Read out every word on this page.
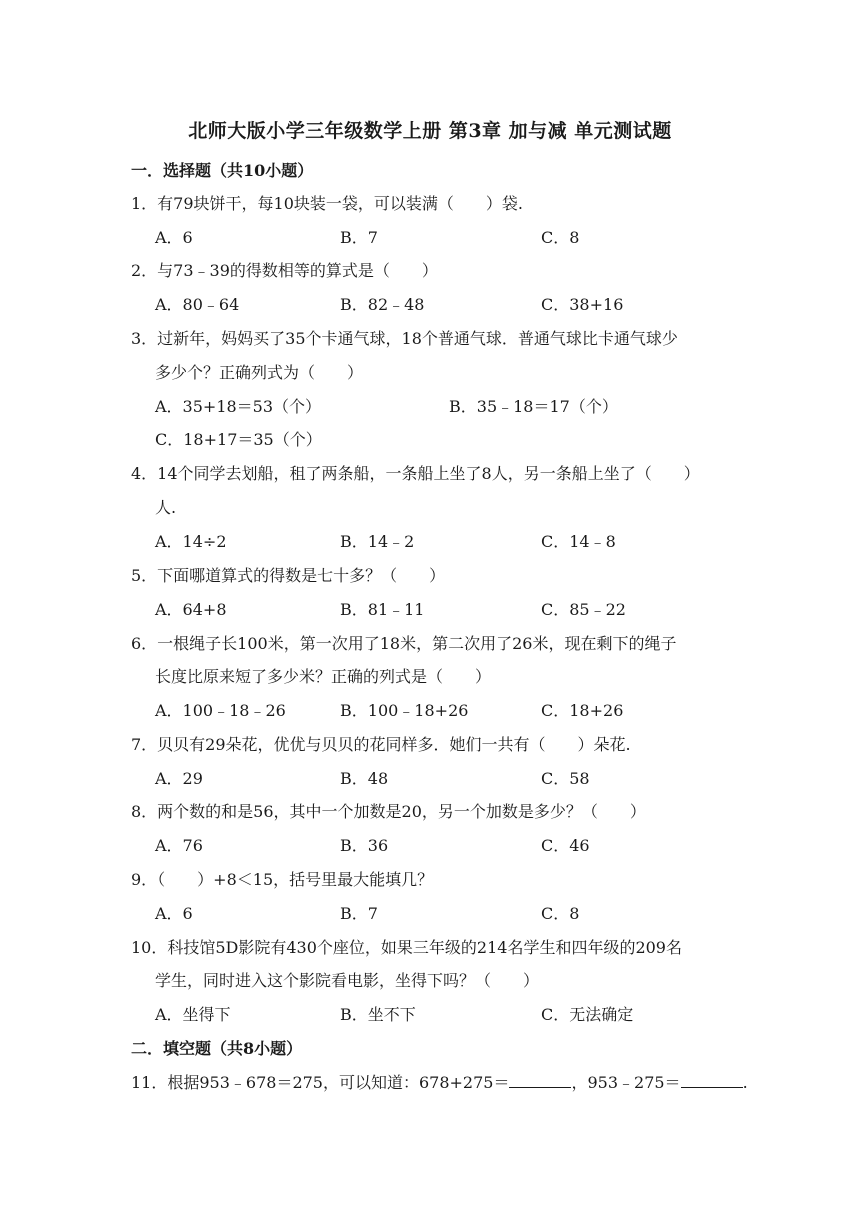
北师大版小学三年级数学上册 第3章 加与减 单元测试题
一．选择题（共10小题）
1．有79块饼干，每10块装一袋，可以装满（　　）袋.
A．6	B．7	C．8
2．与73﹣39的得数相等的算式是（　　）
A．80﹣64	B．82﹣48	C．38+16
3．过新年，妈妈买了35个卡通气球，18个普通气球．普通气球比卡通气球少
多少个？正确列式为（　　）
A．35+18＝53（个）	B．35﹣18＝17（个）
C．18+17＝35（个）
4．14个同学去划船，租了两条船，一条船上坐了8人，另一条船上坐了（　　）
人.
A．14÷2	B．14﹣2	C．14﹣8
5．下面哪道算式的得数是七十多？（　　）
A．64+8	B．81﹣11	C．85﹣22
6．一根绳子长100米，第一次用了18米，第二次用了26米，现在剩下的绳子
长度比原来短了多少米？正确的列式是（　　）
A．100﹣18﹣26	B．100﹣18+26	C．18+26
7．贝贝有29朵花，优优与贝贝的花同样多．她们一共有（　　）朵花.
A．29	B．48	C．58
8．两个数的和是56，其中一个加数是20，另一个加数是多少？（　　）
A．76	B．36	C．46
9．（　　）+8＜15，括号里最大能填几？
A．6	B．7	C．8
10．科技馆5D影院有430个座位，如果三年级的214名学生和四年级的209名
学生，同时进入这个影院看电影，坐得下吗？（　　）
A．坐得下	B．坐不下	C．无法确定
二．填空题（共8小题）
11．根据953﹣678＝275，可以知道：678+275＝	，953﹣275＝	.
